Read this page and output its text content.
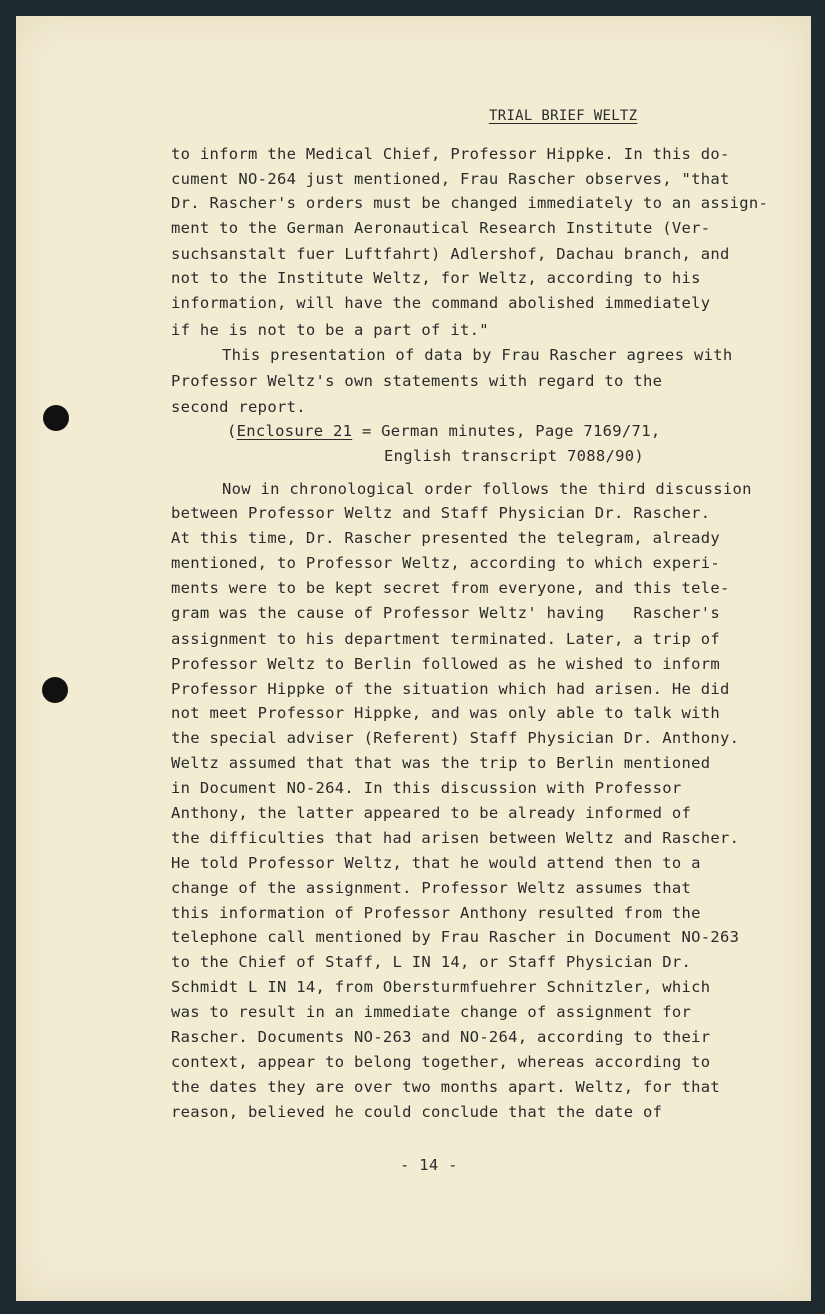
TRIAL BRIEF WELTZ
to inform the Medical Chief, Professor Hippke. In this do-
cument NO-264 just mentioned, Frau Rascher observes, "that
Dr. Rascher's orders must be changed immediately to an assign-
ment to the German Aeronautical Research Institute (Ver-
suchsanstalt fuer Luftfahrt) Adlershof, Dachau branch, and
not to the Institute Weltz, for Weltz, according to his
information, will have the command abolished immediately
if he is not to be a part of it."
This presentation of data by Frau Rascher agrees with
Professor Weltz's own statements with regard to the
second report.
(Enclosure 21 = German minutes, Page 7169/71,
English transcript 7088/90)
Now in chronological order follows the third discussion
between Professor Weltz and Staff Physician Dr. Rascher.
At this time, Dr. Rascher presented the telegram, already
mentioned, to Professor Weltz, according to which experi-
ments were to be kept secret from everyone, and this tele-
gram was the cause of Professor Weltz' having   Rascher's
assignment to his department terminated. Later, a trip of
Professor Weltz to Berlin followed as he wished to inform
Professor Hippke of the situation which had arisen. He did
not meet Professor Hippke, and was only able to talk with
the special adviser (Referent) Staff Physician Dr. Anthony.
Weltz assumed that that was the trip to Berlin mentioned
in Document NO-264. In this discussion with Professor
Anthony, the latter appeared to be already informed of
the difficulties that had arisen between Weltz and Rascher.
He told Professor Weltz, that he would attend then to a
change of the assignment. Professor Weltz assumes that
this information of Professor Anthony resulted from the
telephone call mentioned by Frau Rascher in Document NO-263
to the Chief of Staff, L IN 14, or Staff Physician Dr.
Schmidt L IN 14, from Obersturmfuehrer Schnitzler, which
was to result in an immediate change of assignment for
Rascher. Documents NO-263 and NO-264, according to their
context, appear to belong together, whereas according to
the dates they are over two months apart. Weltz, for that
reason, believed he could conclude that the date of
- 14 -
